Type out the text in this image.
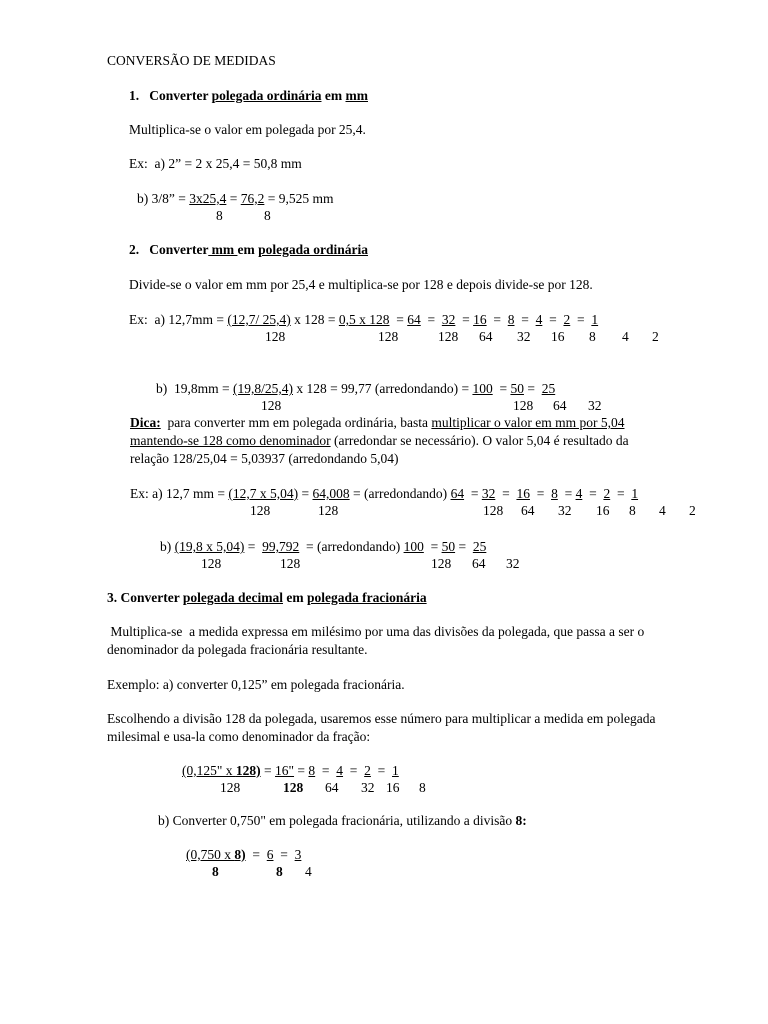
CONVERSÃO DE MEDIDAS
1. Converter polegada ordinária em mm
Multiplica-se o valor em polegada por 25,4.
Ex:  a) 2” = 2 x 25,4 = 50,8 mm
b) 3/8” = 3x25,4 = 76,2 = 9,525 mm
8	8
2. Converter mm em polegada ordinária
Divide-se o valor em mm por 25,4 e multiplica-se por 128 e depois divide-se por 128.
Ex:  a) 12,7mm = (12,7/ 25,4) x 128 = 0,5 x 128  = 64  =  32  = 16  =  8  =  4  =  2  =  1
128	128	128 64 32 16 8 4 2
b)  19,8mm = (19,8/25,4) x 128 = 99,77 (arredondando) = 100  = 50 =  25
128	128 64 32
Dica:  para converter mm em polegada ordinária, basta multiplicar o valor em mm por 5,04
mantendo-se 128 como denominador (arredondar se necessário). O valor 5,04 é resultado da
relação 128/25,04 = 5,03937 (arredondando 5,04)
Ex: a) 12,7 mm = (12,7 x 5,04) = 64,008 = (arredondando) 64  = 32  =  16  =  8  = 4  =  2  =  1
128	128	128 64 32 16 8 4 2
b) (19,8 x 5,04) =  99,792  = (arredondando) 100  = 50 =  25
128	128	128 64 32
3. Converter polegada decimal em polegada fracionária
Multiplica-se  a medida expressa em milésimo por uma das divisões da polegada, que passa a ser o
denominador da polegada fracionária resultante.
Exemplo: a) converter 0,125” em polegada fracionária.
Escolhendo a divisão 128 da polegada, usaremos esse número para multiplicar a medida em polegada
milesimal e usa-la como denominador da fração:
(0,125" x 128) = 16" = 8  =  4  =  2  =  1
128	128 64 32 16 8
b) Converter 0,750" em polegada fracionária, utilizando a divisão 8:
(0,750 x 8)  =  6  =  3
8	8 4
